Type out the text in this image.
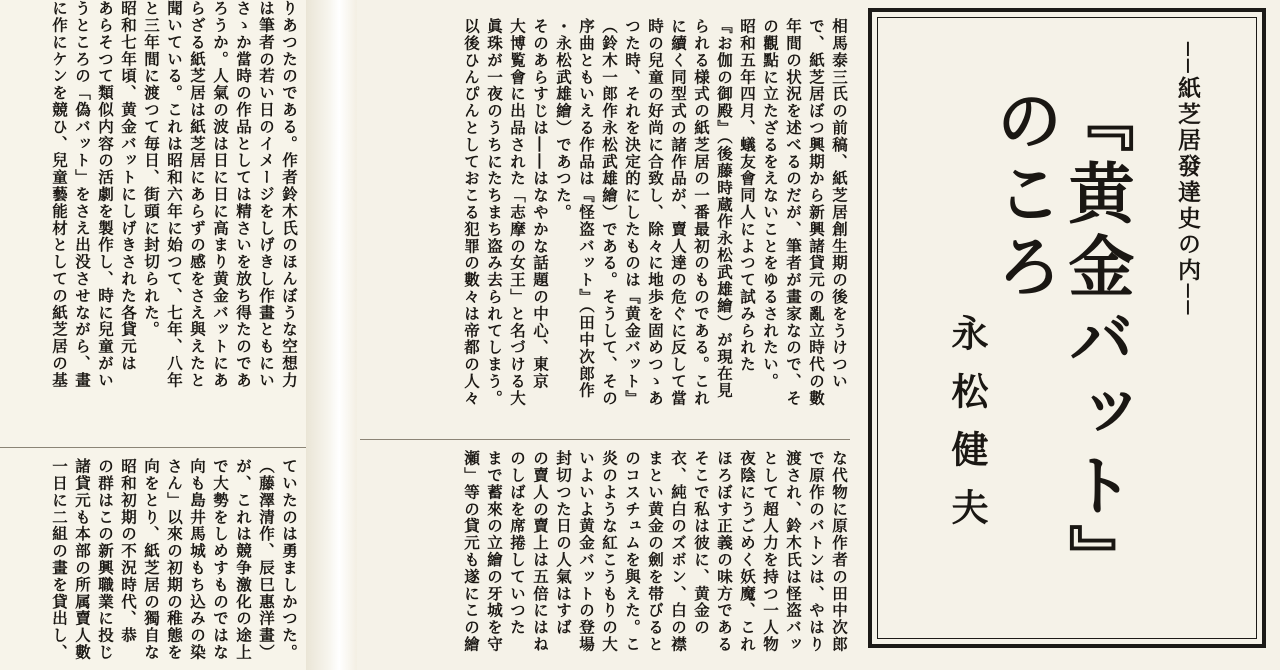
りあつたのである。作者鈴木氏のほんぼうな空想力
は筆者の若い日のイメージをしげきし作畫ともにい
さゝか當時の作品としては精さいを放ち得たのであ
ろうか。人氣の波は日に日に高まり黄金バットにあ
らざる紙芝居は紙芝居にあらずの感をさえ與えたと
聞いている。これは昭和六年に始つて、七年、八年
と三年間に渡つて毎日、街頭に封切られた。
昭和七年頃、黄金バットにしげきされた各貸元は
あらそつて類似内容の活劇を製作し、時に兒童がい
うところの「偽バット」をさえ出没させながら、畫
に作にケンを競ひ、兒童藝能材としての紙芝居の基
ていたのは勇ましかつた。
（藤澤清作、辰巳惠洋畫）
が、これは競争激化の途上
で大勢をしめすものではな
向も島井馬城もち込みの染
さん」以來の初期の稚態を
向をとり、紙芝居の獨自な
昭和初期の不況時代、恭
の群はこの新興職業に投じ
諸貸元も本部の所属賣人數
一日に二組の畫を貸出し、
相馬泰三氏の前稿、紙芝居創生期の後をうけつい
で、紙芝居ぼつ興期から新興諸貸元の亂立時代の數
年間の状況を述べるのだが、筆者が畫家なので、そ
の觀點に立たざるをえないことをゆるされたい。
昭和五年四月、蟻友會同人によつて試みられた
『お伽の御殿』（後藤時蔵作永松武雄繪）が現在見
られる様式の紙芝居の一番最初のものである。これ
に續く同型式の諸作品が、賣人達の危ぐに反して當
時の兒童の好尚に合致し、除々に地歩を固めつゝあ
つた時、それを決定的にしたものは『黄金バット』
（鈴木一郎作永松武雄繪）である。そうして、その
序曲ともいえる作品は『怪盗バット』（田中次郎作
・永松武雄繪）であつた。
そのあらすじは――はなやかな話題の中心、東京
大博覧會に出品された「志摩の女王」と名づける大
眞珠が一夜のうちにたちまち盗み去られてしまう。
以後ひんぴんとしておこる犯罪の數々は帝都の人々
な代物に原作者の田中次郎
で原作のバトンは、やはり
渡され、鈴木氏は怪盗バッ
として超人力を持つ一人物
夜陰にうごめく妖魔、これ
ほろぼす正義の味方である
そこで私は彼に、黄金の
衣、純白のズボン、白の襟
まとい黄金の劍を帯びると
のコスチュムを與えた。こ
炎のような紅こうもりの大
いよいよ黄金バットの登場
封切つた日の人氣はすば
の賣人の賣上は五倍にはね
のしばを席捲していつた
まで蓄來の立繪の牙城を守
瀬」等の貸元も遂にこの繪
──紙芝居發達史の内──
『黄金バット』のころ
永松健夫
